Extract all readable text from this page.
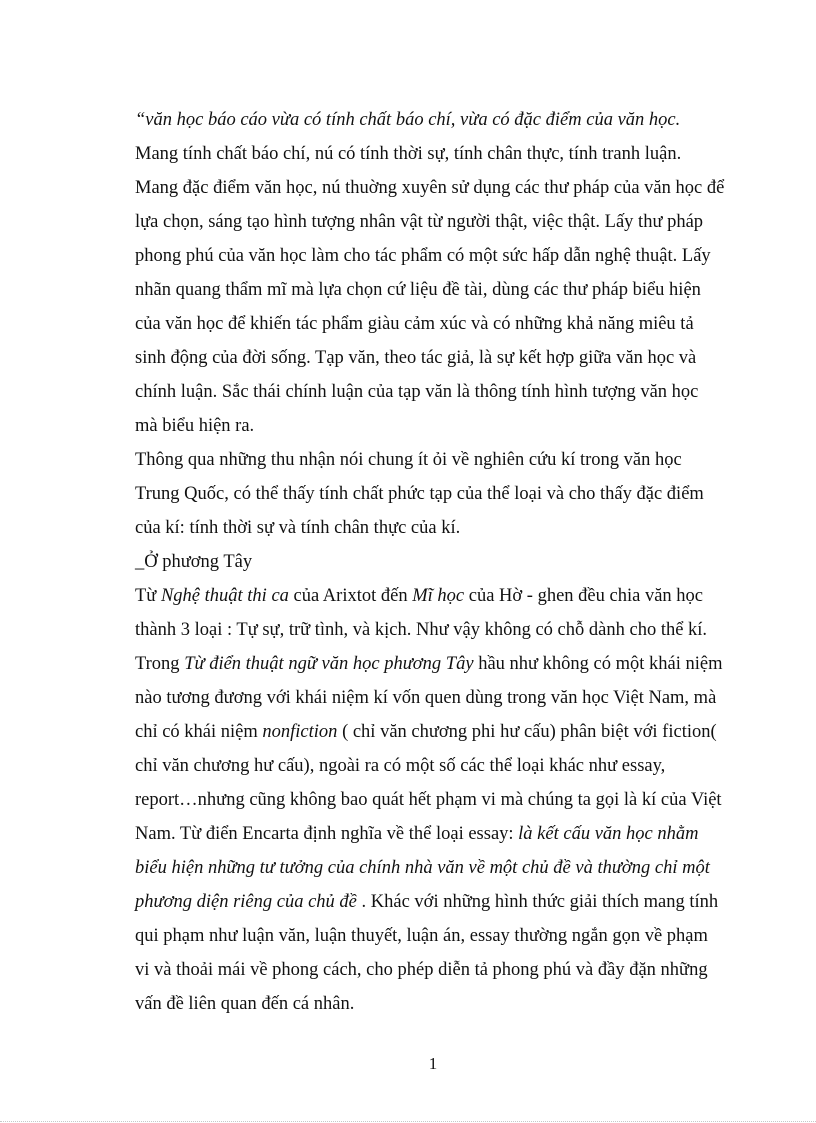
“văn học báo cáo vừa có tính chất báo chí, vừa có đặc điểm của văn học. Mang tính chất báo chí, nú có tính thời sự, tính chân thực, tính tranh luận. Mang đặc điểm văn học, nú thuờng xuyên sử dụng các thư pháp của văn học để lựa chọn, sáng tạo hình tượng nhân vật từ người thật, việc thật. Lấy thư pháp phong phú của văn học làm cho tác phẩm có một sức hấp dẫn nghệ thuật. Lấy nhãn quang thẩm mĩ mà lựa chọn cứ liệu đề tài, dùng các thư pháp biểu hiện của văn học để khiến tác phẩm giàu cảm xúc và có những khả năng miêu tả sinh động của đời sống. Tạp văn, theo tác giả, là sự kết hợp giữa văn học và chính luận. Sắc thái chính luận của tạp văn là thông tính hình tượng văn học mà biểu hiện ra.

Thông qua những thu nhận nói chung ít ỏi về nghiên cứu kí trong văn học Trung Quốc, có thể thấy tính chất phức tạp của thể loại và cho thấy đặc điểm của kí: tính thời sự và tính chân thực của kí.

_Ở phương Tây

Từ Nghệ thuật thi ca của Arixtot đến Mĩ học của Hờ - ghen đều chia văn học thành 3 loại : Tự sự, trữ tình, và kịch. Như vậy không có chỗ dành cho thể kí. Trong Từ điển thuật ngữ văn học phương Tây hầu như không có một khái niệm nào tương đương với khái niệm kí vốn quen dùng trong văn học Việt Nam, mà chỉ có khái niệm nonfiction ( chỉ văn chương phi hư cấu) phân biệt với fiction( chỉ văn chương hư cấu), ngoài ra có một số các thể loại khác như essay, report…nhưng cũng không bao quát hết phạm vi mà chúng ta gọi là kí của Việt Nam. Từ điển Encarta định nghĩa về thể loại essay: là kết cấu văn học nhằm biểu hiện những tư tưởng của chính nhà văn về một chủ đề và thường chỉ một phương diện riêng của chủ đề . Khác với những hình thức giải thích mang tính qui phạm như luận văn, luận thuyết, luận án, essay thường ngắn gọn về phạm vi và thoải mái về phong cách, cho phép diễn tả phong phú và đầy đặn những vấn đề liên quan đến cá nhân.

1
